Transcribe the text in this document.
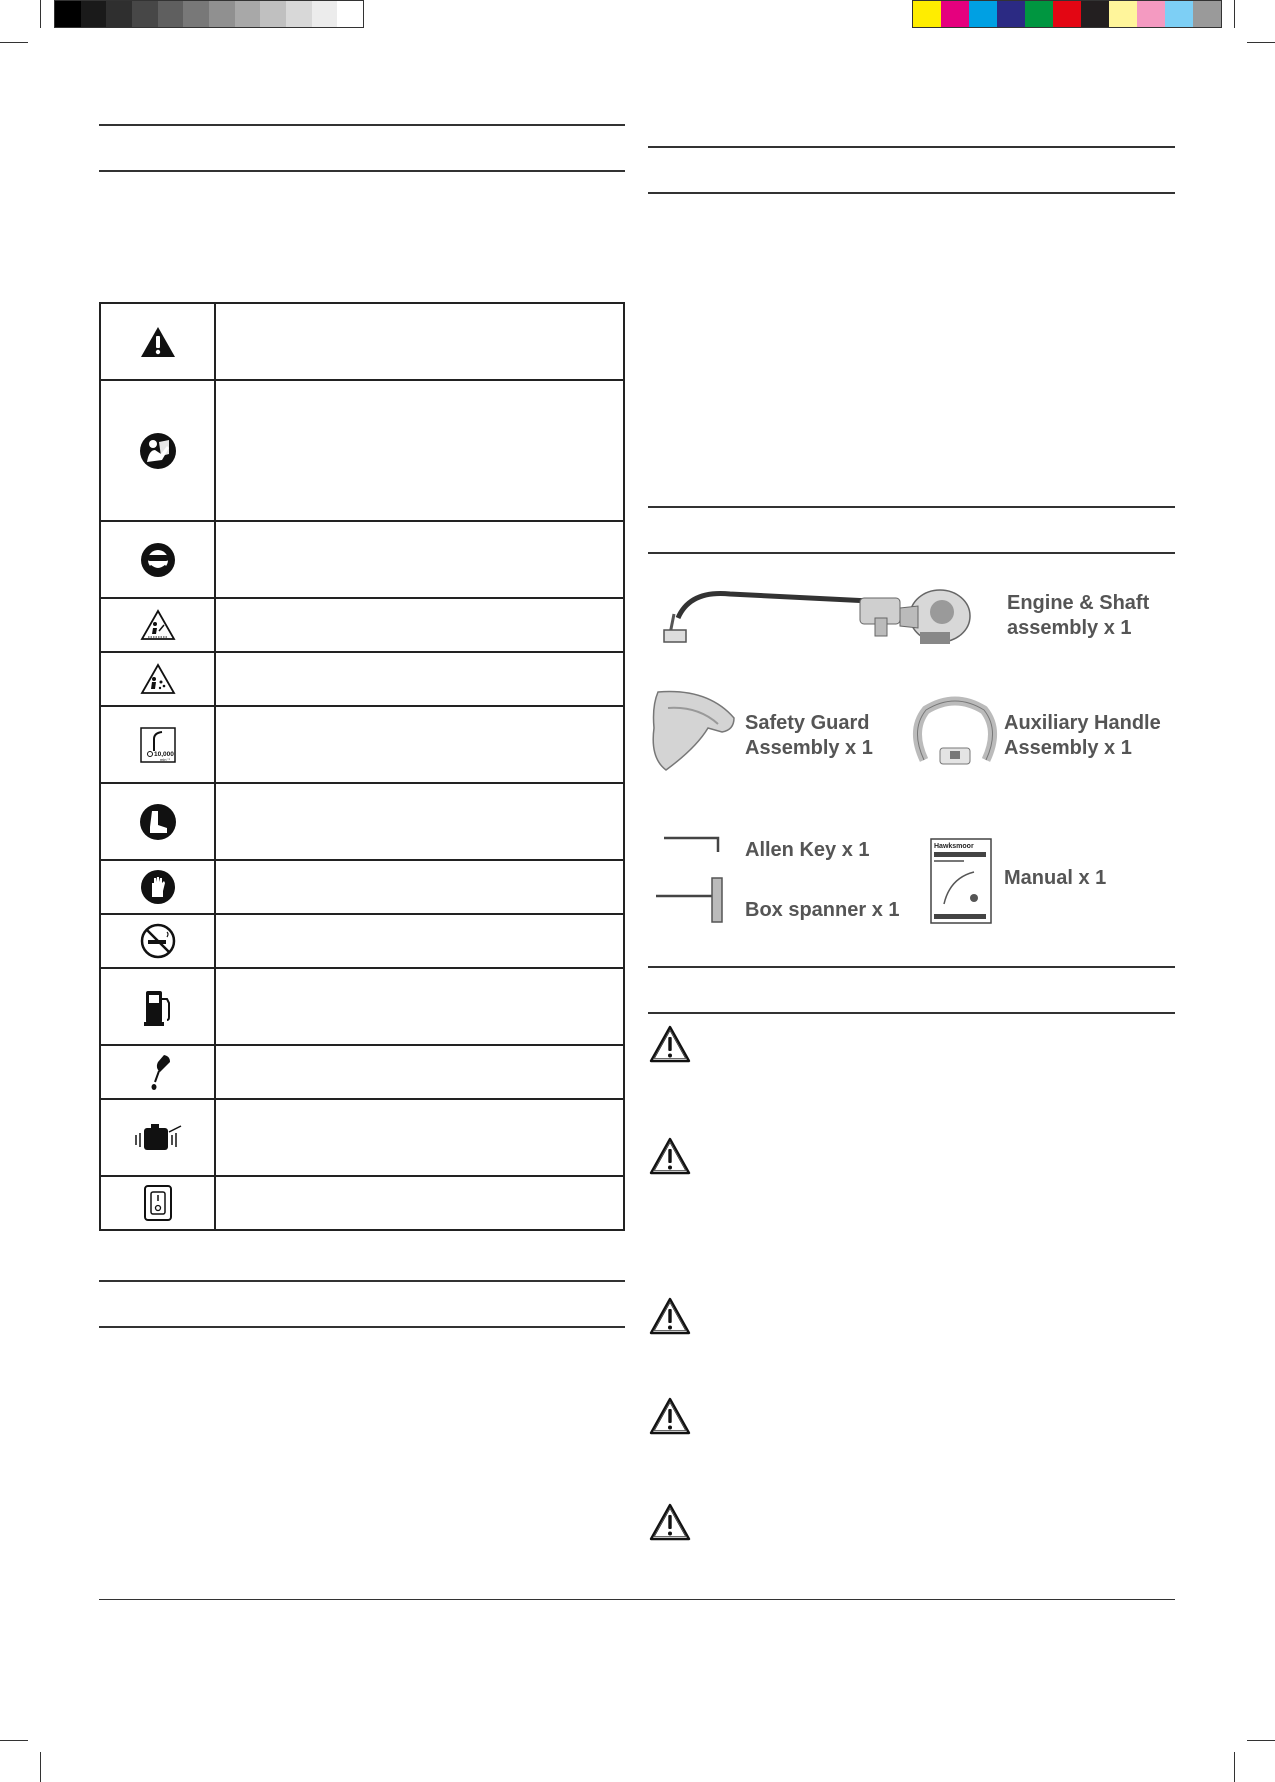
10,000
min⁻¹	

Engine & Shaft
assembly x 1
Safety Guard
Assembly x 1
Auxiliary Handle
Assembly x 1
Allen Key x 1
Box spanner x 1
Hawksmoor
Manual x 1
